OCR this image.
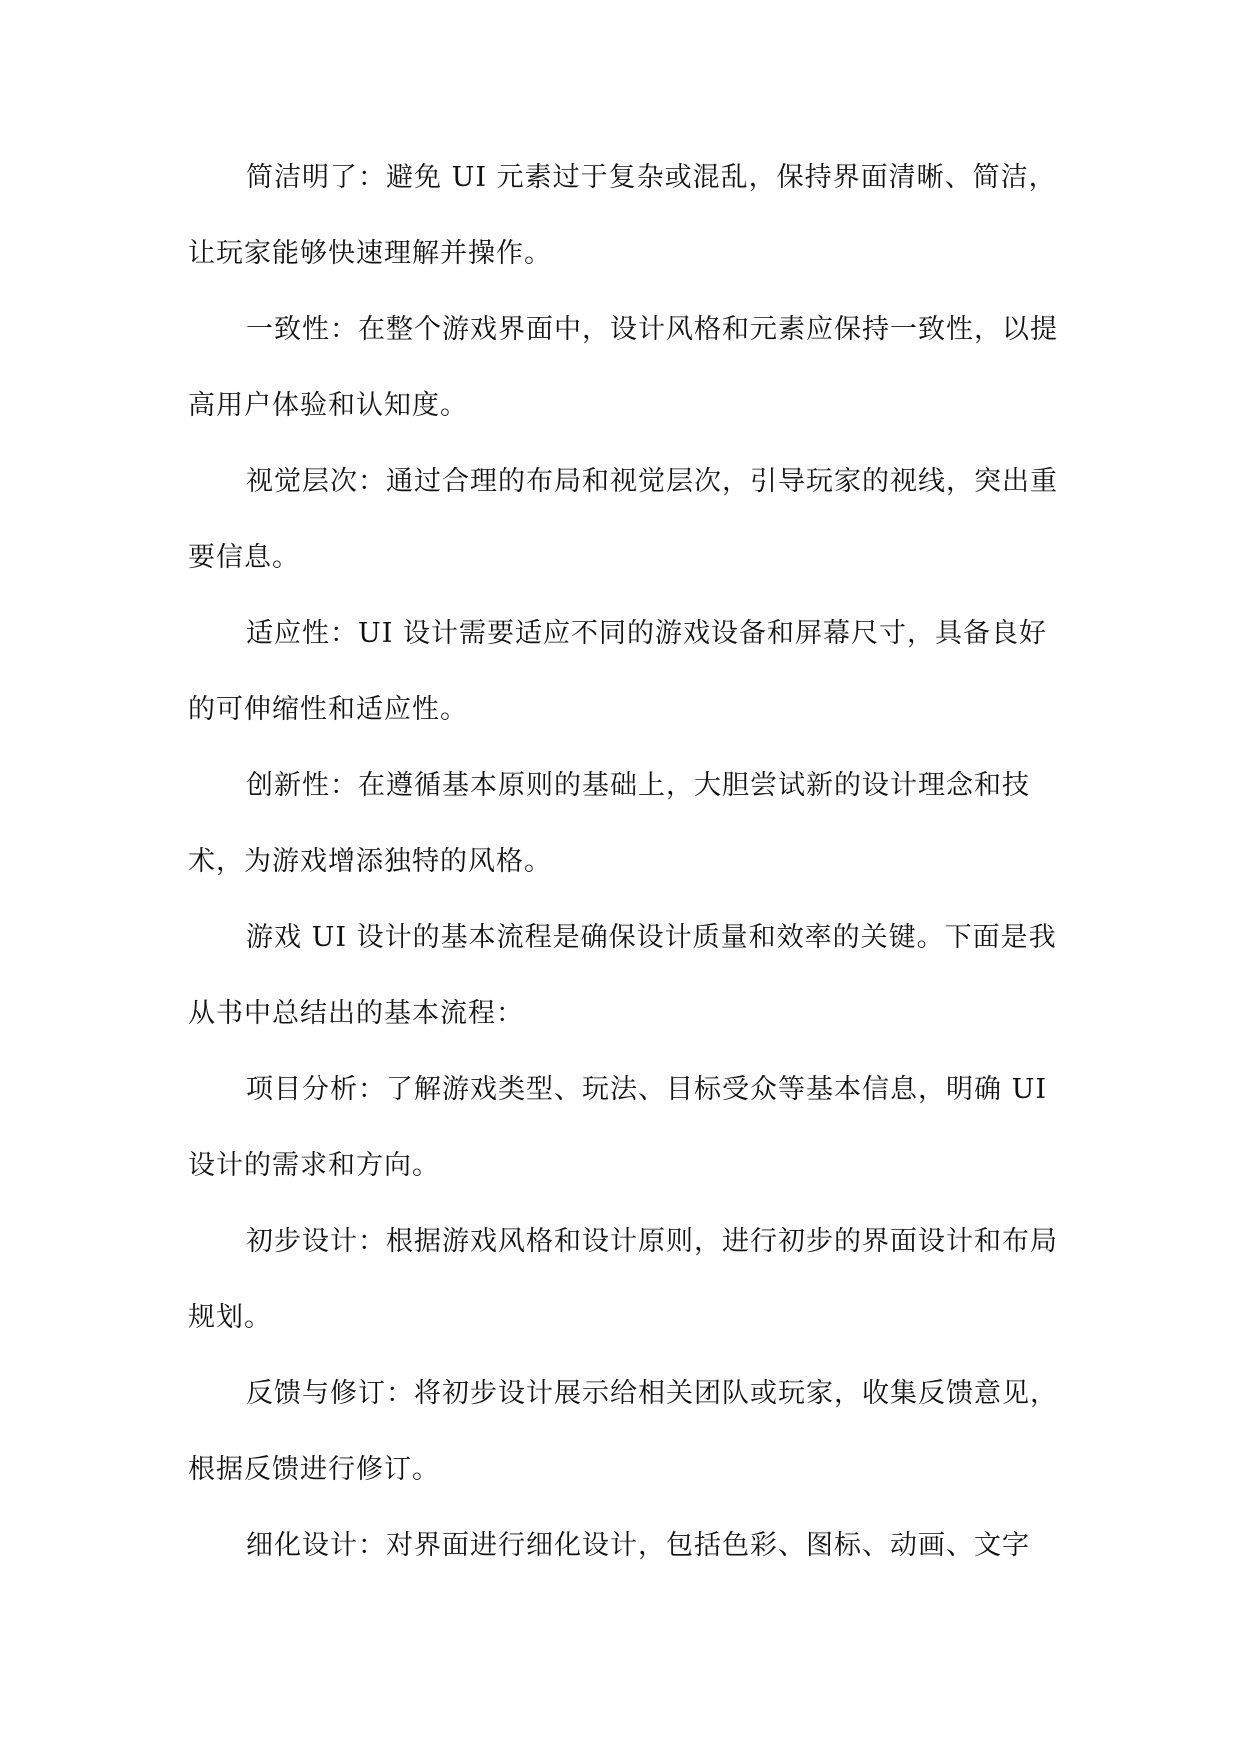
简洁明了：避免 UI 元素过于复杂或混乱，保持界面清晰、简洁，让玩家能够快速理解并操作。

一致性：在整个游戏界面中，设计风格和元素应保持一致性，以提高用户体验和认知度。

视觉层次：通过合理的布局和视觉层次，引导玩家的视线，突出重要信息。

适应性：UI 设计需要适应不同的游戏设备和屏幕尺寸，具备良好的可伸缩性和适应性。

创新性：在遵循基本原则的基础上，大胆尝试新的设计理念和技术，为游戏增添独特的风格。

游戏 UI 设计的基本流程是确保设计质量和效率的关键。下面是我从书中总结出的基本流程：

项目分析：了解游戏类型、玩法、目标受众等基本信息，明确 UI 设计的需求和方向。

初步设计：根据游戏风格和设计原则，进行初步的界面设计和布局规划。

反馈与修订：将初步设计展示给相关团队或玩家，收集反馈意见，根据反馈进行修订。

细化设计：对界面进行细化设计，包括色彩、图标、动画、文字
